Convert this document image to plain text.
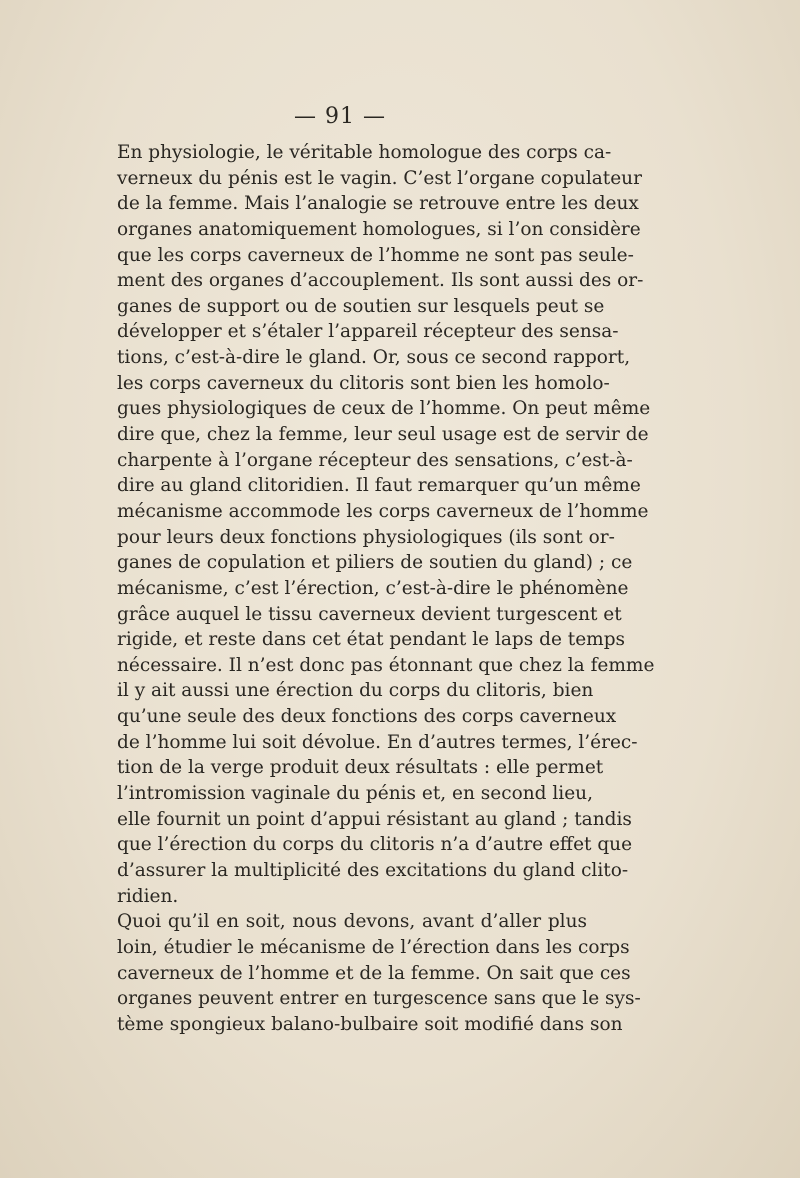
— 91 —
En physiologie, le véritable homologue des corps ca-
verneux du pénis est le vagin. C’est l’organe copulateur
de la femme. Mais l’analogie se retrouve entre les deux
organes anatomiquement homologues, si l’on considère
que les corps caverneux de l’homme ne sont pas seule-
ment des organes d’accouplement. Ils sont aussi des or-
ganes de support ou de soutien sur lesquels peut se
développer et s’étaler l’appareil récepteur des sensa-
tions, c’est-à-dire le gland. Or, sous ce second rapport,
les corps caverneux du clitoris sont bien les homolo-
gues physiologiques de ceux de l’homme. On peut même
dire que, chez la femme, leur seul usage est de servir de
charpente à l’organe récepteur des sensations, c’est-à-
dire au gland clitoridien. Il faut remarquer qu’un même
mécanisme accommode les corps caverneux de l’homme
pour leurs deux fonctions physiologiques (ils sont or-
ganes de copulation et piliers de soutien du gland) ; ce
mécanisme, c’est l’érection, c’est-à-dire le phénomène
grâce auquel le tissu caverneux devient turgescent et
rigide, et reste dans cet état pendant le laps de temps
nécessaire. Il n’est donc pas étonnant que chez la femme
il y ait aussi une érection du corps du clitoris, bien
qu’une seule des deux fonctions des corps caverneux
de l’homme lui soit dévolue. En d’autres termes, l’érec-
tion de la verge produit deux résultats : elle permet
l’intromission vaginale du pénis et, en second lieu,
elle fournit un point d’appui résistant au gland ; tandis
que l’érection du corps du clitoris n’a d’autre effet que
d’assurer la multiplicité des excitations du gland clito-
ridien.
Quoi qu’il en soit, nous devons, avant d’aller plus
loin, étudier le mécanisme de l’érection dans les corps
caverneux de l’homme et de la femme. On sait que ces
organes peuvent entrer en turgescence sans que le sys-
tème spongieux balano-bulbaire soit modifié dans son
